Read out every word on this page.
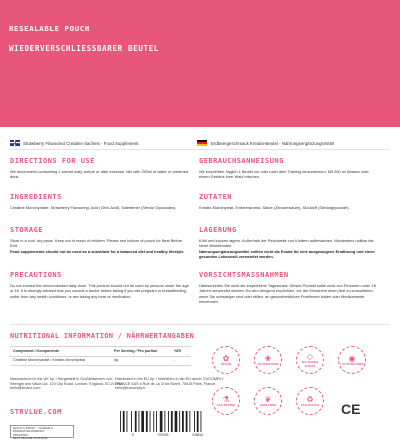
RESEALABLE POUCH
WIEDERVERSCHLIESSBARER BEUTEL
Strawberry Flavoured Creatine Sachets - Food Supplement	Erdbeergeschmack Kreatin-Beutel - Nahrungsergänzungsmittel
DIRECTIONS FOR USE

We recommend consuming 1 sachet daily, before or after exercise. Mix with 250ml of water or preferred drink.

INGREDIENTS

Creatine Monohydrate, Strawberry Flavouring, Acid (Citric Acid), Sweetener (Steviol Glycosides).

STORAGE

Store in a cool, dry place. Keep out of reach of children. Please see bottom of pouch for Best Before End.

Food supplements should not be used as a substitute for a balanced diet and healthy lifestyle.

PRECAUTIONS

Do not exceed the recommended daily dose. This product should not be used by persons under the age of 18. It is strongly advised that you consult a doctor before taking if you are pregnant or breastfeeding, suffer from any health conditions, or are taking any form of medication.

GEBRAUCHSANWEISUNG

Wir empfehlen, täglich 1 Beutel vor oder nach dem Training einzunehmen. Mit 250 ml Wasser oder einem Getränk Ihrer Wahl mischen.

ZUTATEN

Kreatin-Monohydrat, Erdbeeraroma, Säure (Zitronensäure), Süßstoff (Steviolglycoside).

LAGERUNG

Kühl und trocken lagern. Außerhalb der Reichweite von Kindern aufbewahren. Mindestens haltbar bis: siehe Beutelboden.

Nahrungsergänzungsmittel sollten nicht als Ersatz für eine ausgewogene Ernährung und einen gesunden Lebensstil verwendet werden.

VORSICHTSMASSNAHMEN

Überschreiten Sie nicht die empfohlene Tagesdosis. Dieses Produkt sollte nicht von Personen unter 18 Jahren verwendet werden. Es wird dringend empfohlen, vor der Einnahme einen Arzt zu konsultieren, wenn Sie schwanger sind oder stillen, an gesundheitlichen Problemen leiden oder Medikamente einnehmen.

NUTRITIONAL INFORMATION / NÄHRWERTANGABEN
Component / Komponente	Per Serving / Pro portion	%RI
Creatine Monohydrate / Kreatin-Monohydrat	5g	-
Manufactured in the UK by: / Hergestellt in Großbritannien von: Strength and Value Ltd. 124 City Road, London, England, EC1V 2NX hello@strvlue.com
Distributed in the EU by: / Vertrieben in der EU durch: EUCOMPLY FRANCE SAS 5 Rue de La Croix Nivert, 75015 Paris, France hello@eucomply.fr
STRVLUE.COM
BATCH & EXPIRY · CHARGE & MINDESTHALTBARKEIT
SR0132664
BEST BEFORE 06/04/2028
5	070003	028816
✿
VEGAN
❀
GLUTEN FREE
◇
NO ADDED SUGAR
◉
LACTOSE FREE
⚗
LAB TESTED
❦
GMO FREE
♻
ECO POUCH CE
